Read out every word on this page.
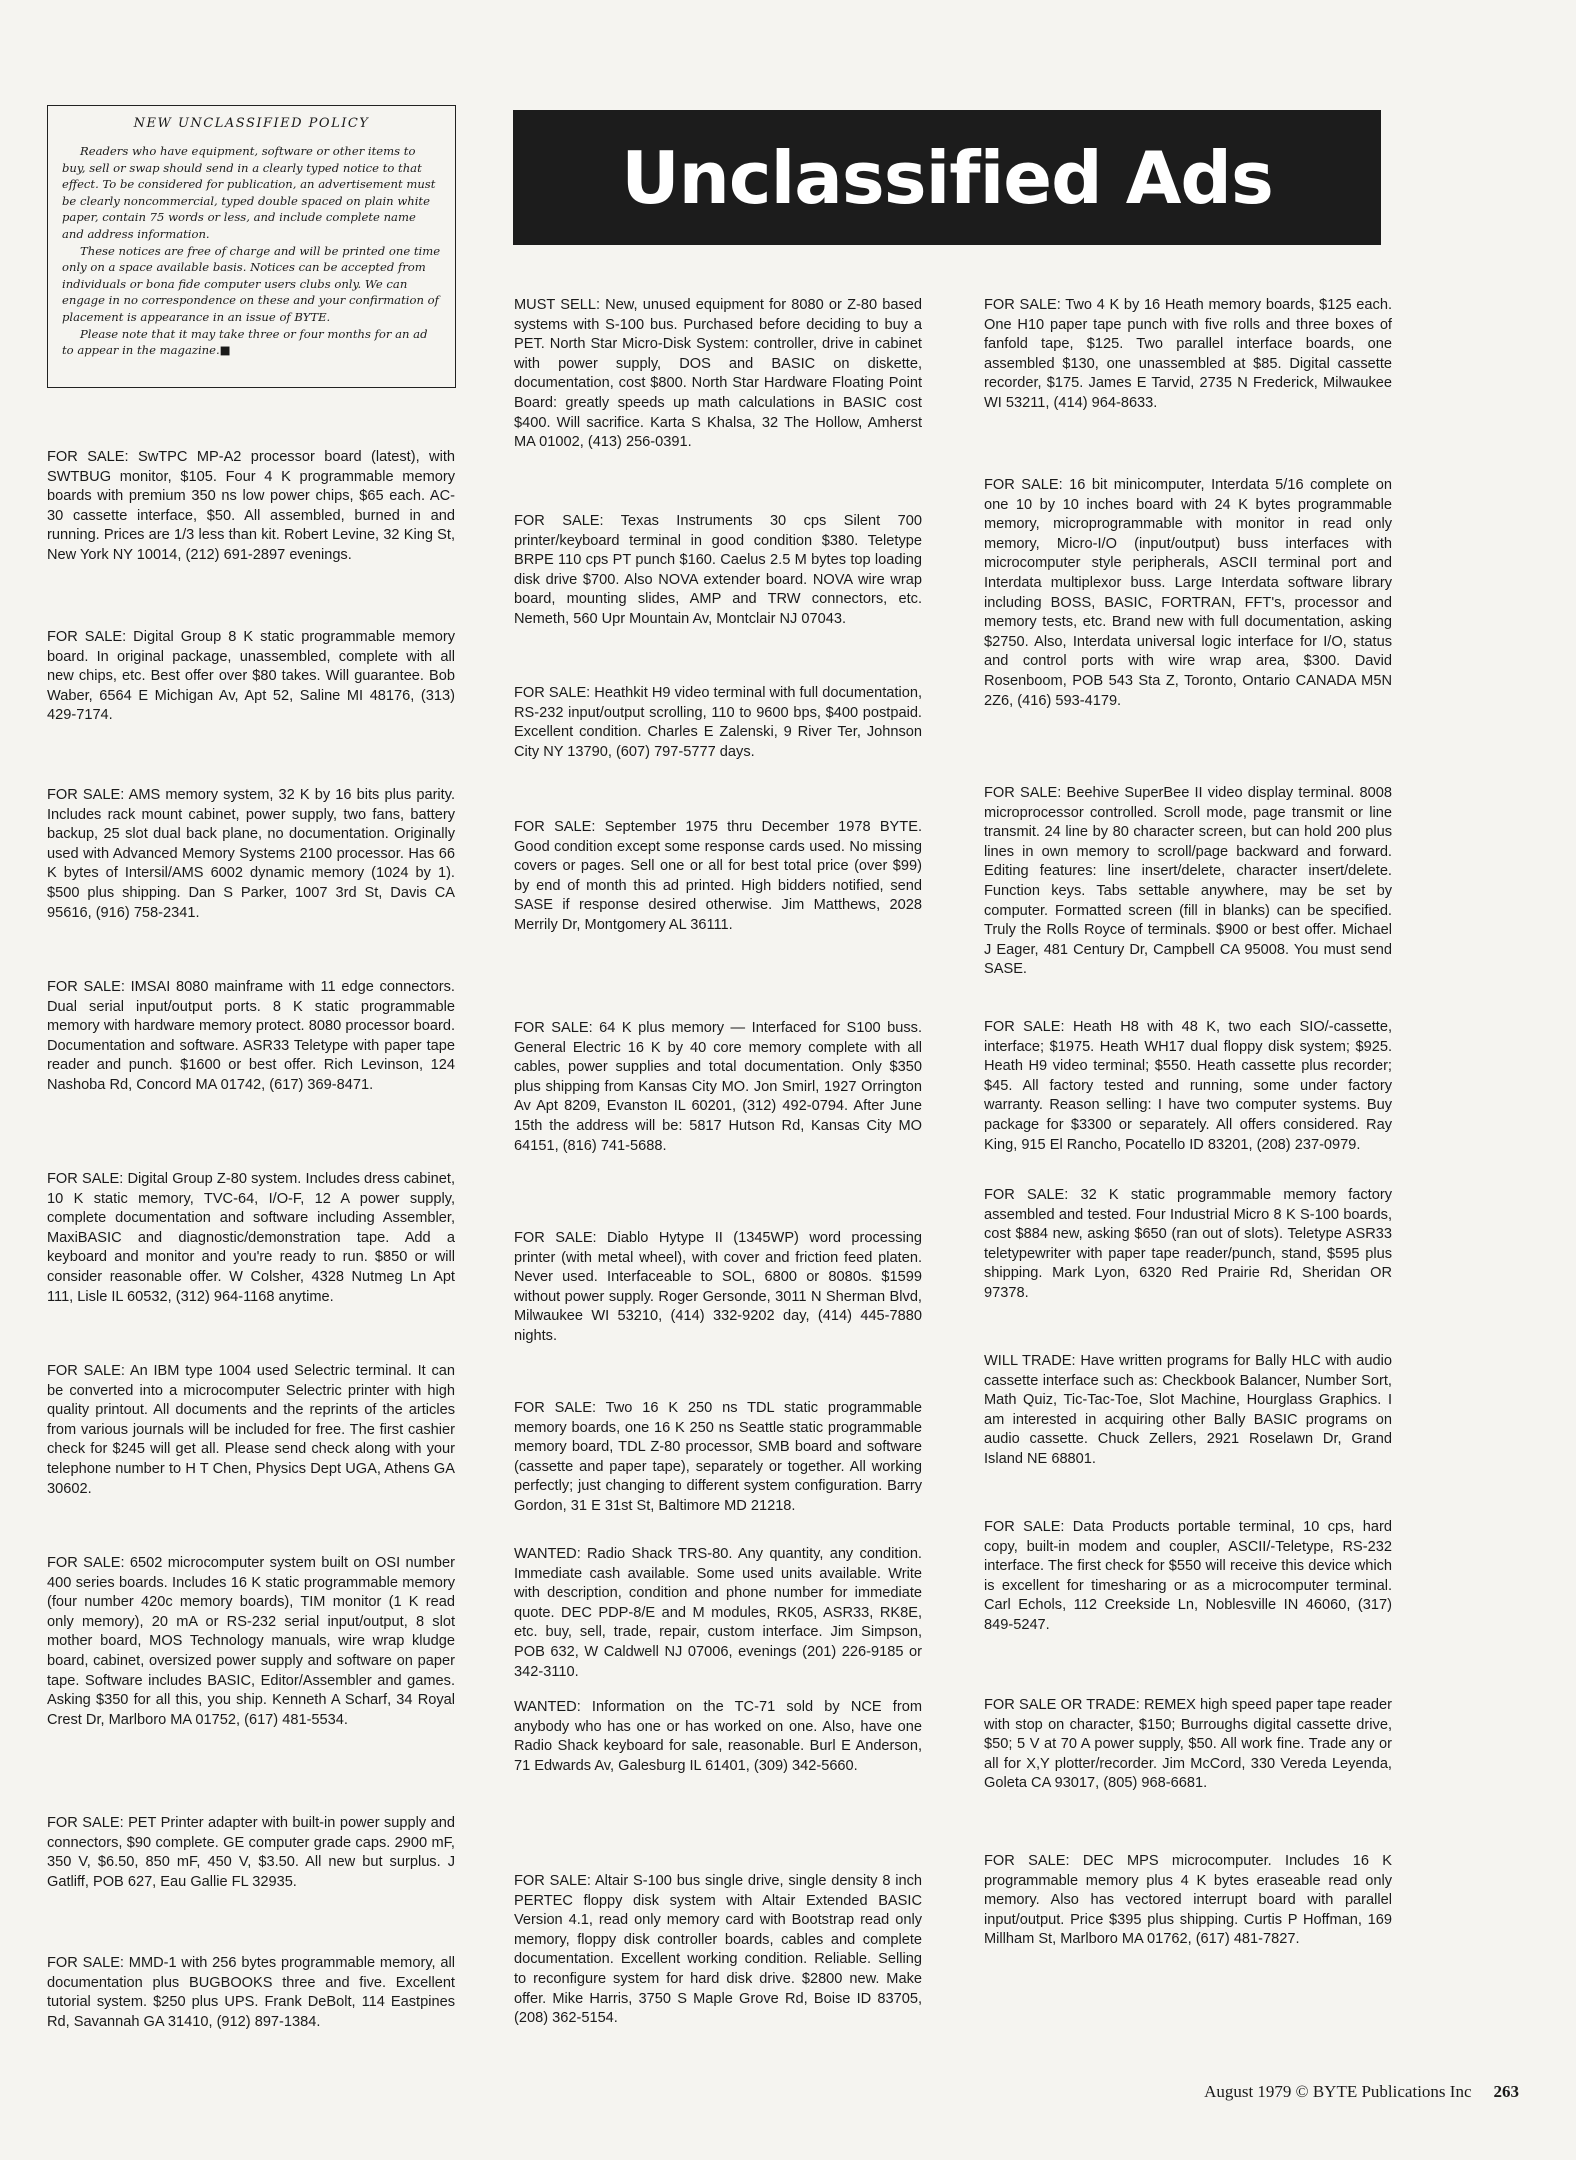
NEW UNCLASSIFIED POLICY

Readers who have equipment, software or other items to buy, sell or swap should send in a clearly typed notice to that effect. To be considered for publication, an advertisement must be clearly noncommercial, typed double spaced on plain white paper, contain 75 words or less, and include complete name and address information.

These notices are free of charge and will be printed one time only on a space available basis. Notices can be accepted from individuals or bona fide computer users clubs only. We can engage in no correspondence on these and your confirmation of placement is appearance in an issue of BYTE.

Please note that it may take three or four months for an ad to appear in the magazine.■

Unclassified Ads

FOR SALE: SwTPC MP-A2 processor board (latest), with SWTBUG monitor, $105. Four 4 K programmable memory boards with premium 350 ns low power chips, $65 each. AC-30 cassette interface, $50. All assembled, burned in and running. Prices are 1/3 less than kit. Robert Levine, 32 King St, New York NY 10014, (212) 691-2897 evenings.

FOR SALE: Digital Group 8 K static programmable memory board. In original package, unassembled, complete with all new chips, etc. Best offer over $80 takes. Will guarantee. Bob Waber, 6564 E Michigan Av, Apt 52, Saline MI 48176, (313) 429-7174.

FOR SALE: AMS memory system, 32 K by 16 bits plus parity. Includes rack mount cabinet, power supply, two fans, battery backup, 25 slot dual back plane, no documentation. Originally used with Advanced Memory Systems 2100 processor. Has 66 K bytes of Intersil/AMS 6002 dynamic memory (1024 by 1). $500 plus shipping. Dan S Parker, 1007 3rd St, Davis CA 95616, (916) 758-2341.

FOR SALE: IMSAI 8080 mainframe with 11 edge connectors. Dual serial input/output ports. 8 K static programmable memory with hardware memory protect. 8080 processor board. Documentation and software. ASR33 Teletype with paper tape reader and punch. $1600 or best offer. Rich Levinson, 124 Nashoba Rd, Concord MA 01742, (617) 369-8471.

FOR SALE: Digital Group Z-80 system. Includes dress cabinet, 10 K static memory, TVC-64, I/O-F, 12 A power supply, complete documentation and software including Assembler, MaxiBASIC and diagnostic/demonstration tape. Add a keyboard and monitor and you're ready to run. $850 or will consider reasonable offer. W Colsher, 4328 Nutmeg Ln Apt 111, Lisle IL 60532, (312) 964-1168 anytime.

FOR SALE: An IBM type 1004 used Selectric terminal. It can be converted into a microcomputer Selectric printer with high quality printout. All documents and the reprints of the articles from various journals will be included for free. The first cashier check for $245 will get all. Please send check along with your telephone number to H T Chen, Physics Dept UGA, Athens GA 30602.

FOR SALE: 6502 microcomputer system built on OSI number 400 series boards. Includes 16 K static programmable memory (four number 420c memory boards), TIM monitor (1 K read only memory), 20 mA or RS-232 serial input/output, 8 slot mother board, MOS Technology manuals, wire wrap kludge board, cabinet, oversized power supply and software on paper tape. Software includes BASIC, Editor/Assembler and games. Asking $350 for all this, you ship. Kenneth A Scharf, 34 Royal Crest Dr, Marlboro MA 01752, (617) 481-5534.

FOR SALE: PET Printer adapter with built-in power supply and connectors, $90 complete. GE computer grade caps. 2900 mF, 350 V, $6.50, 850 mF, 450 V, $3.50. All new but surplus. J Gatliff, POB 627, Eau Gallie FL 32935.

FOR SALE: MMD-1 with 256 bytes programmable memory, all documentation plus BUGBOOKS three and five. Excellent tutorial system. $250 plus UPS. Frank DeBolt, 114 Eastpines Rd, Savannah GA 31410, (912) 897-1384.

MUST SELL: New, unused equipment for 8080 or Z-80 based systems with S-100 bus. Purchased before deciding to buy a PET. North Star Micro-Disk System: controller, drive in cabinet with power supply, DOS and BASIC on diskette, documentation, cost $800. North Star Hardware Floating Point Board: greatly speeds up math calculations in BASIC cost $400. Will sacrifice. Karta S Khalsa, 32 The Hollow, Amherst MA 01002, (413) 256-0391.

FOR SALE: Texas Instruments 30 cps Silent 700 printer/keyboard terminal in good condition $380. Teletype BRPE 110 cps PT punch $160. Caelus 2.5 M bytes top loading disk drive $700. Also NOVA extender board. NOVA wire wrap board, mounting slides, AMP and TRW connectors, etc. Nemeth, 560 Upr Mountain Av, Montclair NJ 07043.

FOR SALE: Heathkit H9 video terminal with full documentation, RS-232 input/output scrolling, 110 to 9600 bps, $400 postpaid. Excellent condition. Charles E Zalenski, 9 River Ter, Johnson City NY 13790, (607) 797-5777 days.

FOR SALE: September 1975 thru December 1978 BYTE. Good condition except some response cards used. No missing covers or pages. Sell one or all for best total price (over $99) by end of month this ad printed. High bidders notified, send SASE if response desired otherwise. Jim Matthews, 2028 Merrily Dr, Montgomery AL 36111.

FOR SALE: 64 K plus memory — Interfaced for S100 buss. General Electric 16 K by 40 core memory complete with all cables, power supplies and total documentation. Only $350 plus shipping from Kansas City MO. Jon Smirl, 1927 Orrington Av Apt 8209, Evanston IL 60201, (312) 492-0794. After June 15th the address will be: 5817 Hutson Rd, Kansas City MO 64151, (816) 741-5688.

FOR SALE: Diablo Hytype II (1345WP) word processing printer (with metal wheel), with cover and friction feed platen. Never used. Interfaceable to SOL, 6800 or 8080s. $1599 without power supply. Roger Gersonde, 3011 N Sherman Blvd, Milwaukee WI 53210, (414) 332-9202 day, (414) 445-7880 nights.

FOR SALE: Two 16 K 250 ns TDL static programmable memory boards, one 16 K 250 ns Seattle static programmable memory board, TDL Z-80 processor, SMB board and software (cassette and paper tape), separately or together. All working perfectly; just changing to different system configuration. Barry Gordon, 31 E 31st St, Baltimore MD 21218.

WANTED: Radio Shack TRS-80. Any quantity, any condition. Immediate cash available. Some used units available. Write with description, condition and phone number for immediate quote. DEC PDP-8/E and M modules, RK05, ASR33, RK8E, etc. buy, sell, trade, repair, custom interface. Jim Simpson, POB 632, W Caldwell NJ 07006, evenings (201) 226-9185 or 342-3110.

WANTED: Information on the TC-71 sold by NCE from anybody who has one or has worked on one. Also, have one Radio Shack keyboard for sale, reasonable. Burl E Anderson, 71 Edwards Av, Galesburg IL 61401, (309) 342-5660.

FOR SALE: Altair S-100 bus single drive, single density 8 inch PERTEC floppy disk system with Altair Extended BASIC Version 4.1, read only memory card with Bootstrap read only memory, floppy disk controller boards, cables and complete documentation. Excellent working condition. Reliable. Selling to reconfigure system for hard disk drive. $2800 new. Make offer. Mike Harris, 3750 S Maple Grove Rd, Boise ID 83705, (208) 362-5154.

FOR SALE: Two 4 K by 16 Heath memory boards, $125 each. One H10 paper tape punch with five rolls and three boxes of fanfold tape, $125. Two parallel interface boards, one assembled $130, one unassembled at $85. Digital cassette recorder, $175. James E Tarvid, 2735 N Frederick, Milwaukee WI 53211, (414) 964-8633.

FOR SALE: 16 bit minicomputer, Interdata 5/16 complete on one 10 by 10 inches board with 24 K bytes programmable memory, microprogrammable with monitor in read only memory, Micro-I/O (input/output) buss interfaces with microcomputer style peripherals, ASCII terminal port and Interdata multiplexor buss. Large Interdata software library including BOSS, BASIC, FORTRAN, FFT's, processor and memory tests, etc. Brand new with full documentation, asking $2750. Also, Interdata universal logic interface for I/O, status and control ports with wire wrap area, $300. David Rosenboom, POB 543 Sta Z, Toronto, Ontario CANADA M5N 2Z6, (416) 593-4179.

FOR SALE: Beehive SuperBee II video display terminal. 8008 microprocessor controlled. Scroll mode, page transmit or line transmit. 24 line by 80 character screen, but can hold 200 plus lines in own memory to scroll/page backward and forward. Editing features: line insert/delete, character insert/delete. Function keys. Tabs settable anywhere, may be set by computer. Formatted screen (fill in blanks) can be specified. Truly the Rolls Royce of terminals. $900 or best offer. Michael J Eager, 481 Century Dr, Campbell CA 95008. You must send SASE.

FOR SALE: Heath H8 with 48 K, two each SIO/-cassette, interface; $1975. Heath WH17 dual floppy disk system; $925. Heath H9 video terminal; $550. Heath cassette plus recorder; $45. All factory tested and running, some under factory warranty. Reason selling: I have two computer systems. Buy package for $3300 or separately. All offers considered. Ray King, 915 El Rancho, Pocatello ID 83201, (208) 237-0979.

FOR SALE: 32 K static programmable memory factory assembled and tested. Four Industrial Micro 8 K S-100 boards, cost $884 new, asking $650 (ran out of slots). Teletype ASR33 teletypewriter with paper tape reader/punch, stand, $595 plus shipping. Mark Lyon, 6320 Red Prairie Rd, Sheridan OR 97378.

WILL TRADE: Have written programs for Bally HLC with audio cassette interface such as: Checkbook Balancer, Number Sort, Math Quiz, Tic-Tac-Toe, Slot Machine, Hourglass Graphics. I am interested in acquiring other Bally BASIC programs on audio cassette. Chuck Zellers, 2921 Roselawn Dr, Grand Island NE 68801.

FOR SALE: Data Products portable terminal, 10 cps, hard copy, built-in modem and coupler, ASCII/-Teletype, RS-232 interface. The first check for $550 will receive this device which is excellent for timesharing or as a microcomputer terminal. Carl Echols, 112 Creekside Ln, Noblesville IN 46060, (317) 849-5247.

FOR SALE OR TRADE: REMEX high speed paper tape reader with stop on character, $150; Burroughs digital cassette drive, $50; 5 V at 70 A power supply, $50. All work fine. Trade any or all for X,Y plotter/recorder. Jim McCord, 330 Vereda Leyenda, Goleta CA 93017, (805) 968-6681.

FOR SALE: DEC MPS microcomputer. Includes 16 K programmable memory plus 4 K bytes eraseable read only memory. Also has vectored interrupt board with parallel input/output. Price $395 plus shipping. Curtis P Hoffman, 169 Millham St, Marlboro MA 01762, (617) 481-7827.

August 1979 © BYTE Publications Inc 263
